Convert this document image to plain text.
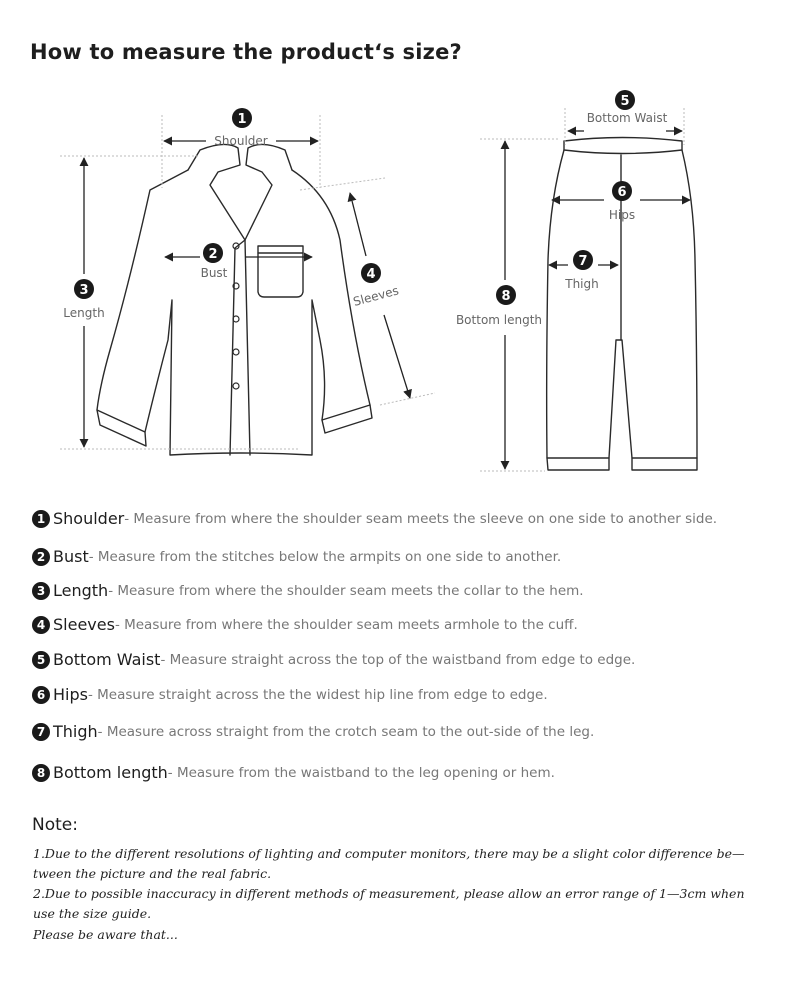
How to measure the product‘s size?
1
Shoulder
2
Bust
3
Length
4
Sleeves
5
Bottom Waist
6
Hips
7
Thigh
8
Bottom length
1 Shoulder - Measure from where the shoulder seam meets the sleeve on one side to another side.
2 Bust - Measure from the stitches below the armpits on one side to another.
3 Length - Measure from where the shoulder seam meets the collar to the hem.
4 Sleeves - Measure from where the shoulder seam meets armhole to the cuff.
5 Bottom Waist - Measure straight across the top of the waistband from edge to edge.
6 Hips - Measure straight across the the widest hip line from edge to edge.
7 Thigh - Measure across straight from the crotch seam to the out-side of the leg.
8 Bottom length - Measure from the waistband to the leg opening or hem.
Note:
1.Due to the different resolutions of lighting and computer monitors, there may be a slight color difference be—
tween the picture and the real fabric.
2.Due to possible inaccuracy in different methods of measurement, please allow an error range of 1—3cm when
use the size guide.
Please be aware that...
